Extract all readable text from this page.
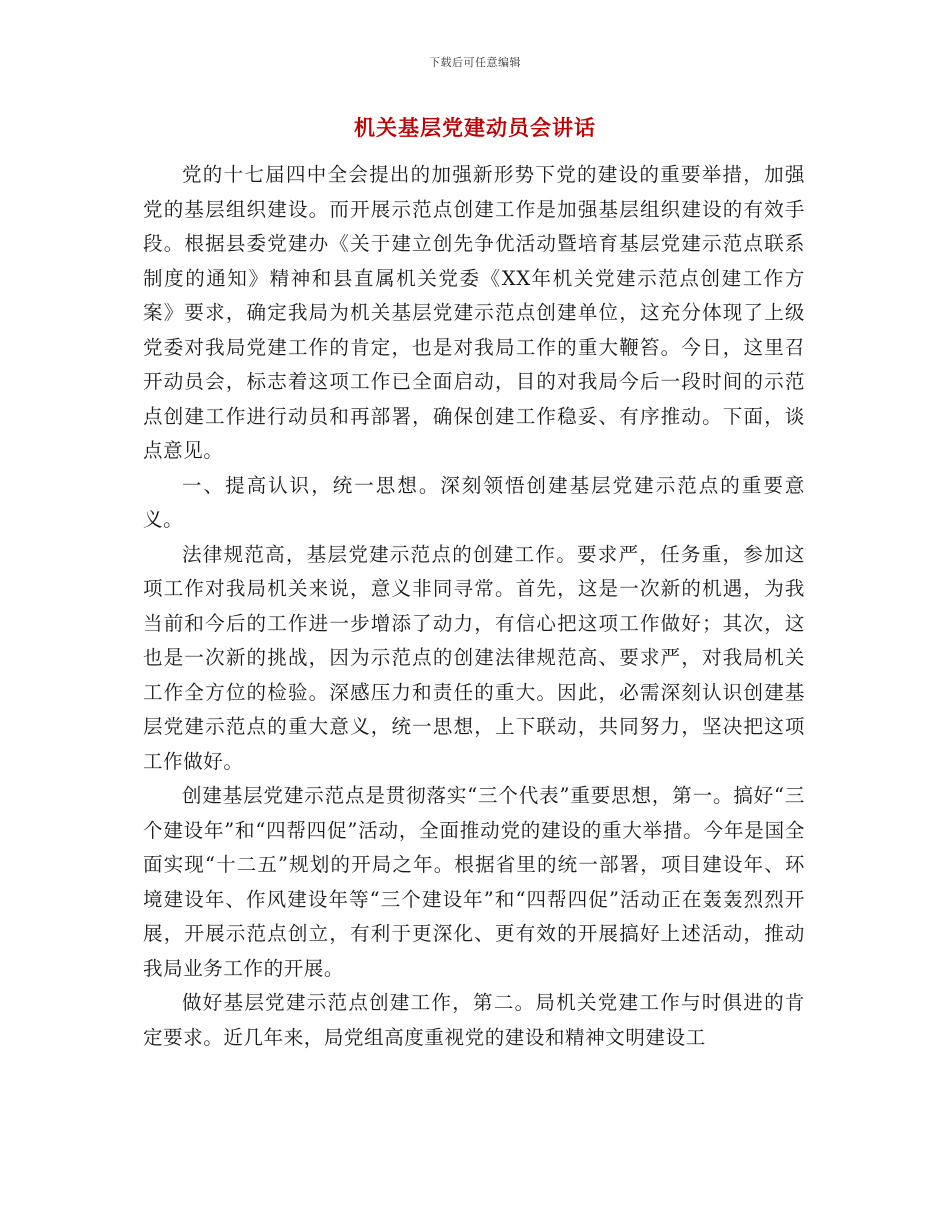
下载后可任意编辑
机关基层党建动员会讲话

党的十七届四中全会提出的加强新形势下党的建设的重要举措，加强党的基层组织建设。而开展示范点创建工作是加强基层组织建设的有效手段。根据县委党建办《关于建立创先争优活动暨培育基层党建示范点联系制度的通知》精神和县直属机关党委《XX年机关党建示范点创建工作方案》要求，确定我局为机关基层党建示范点创建单位，这充分体现了上级党委对我局党建工作的肯定，也是对我局工作的重大鞭笞。今日，这里召开动员会，标志着这项工作已全面启动，目的对我局今后一段时间的示范点创建工作进行动员和再部署，确保创建工作稳妥、有序推动。下面，谈点意见。

一、提高认识，统一思想。深刻领悟创建基层党建示范点的重要意义。

法律规范高，基层党建示范点的创建工作。要求严，任务重，参加这项工作对我局机关来说，意义非同寻常。首先，这是一次新的机遇，为我当前和今后的工作进一步增添了动力，有信心把这项工作做好；其次，这也是一次新的挑战，因为示范点的创建法律规范高、要求严，对我局机关工作全方位的检验。深感压力和责任的重大。因此，必需深刻认识创建基层党建示范点的重大意义，统一思想，上下联动，共同努力，坚决把这项工作做好。

创建基层党建示范点是贯彻落实“三个代表”重要思想，第一。搞好“三个建设年”和“四帮四促”活动，全面推动党的建设的重大举措。今年是国全面实现“十二五”规划的开局之年。根据省里的统一部署，项目建设年、环境建设年、作风建设年等“三个建设年”和“四帮四促”活动正在轰轰烈烈开展，开展示范点创立，有利于更深化、更有效的开展搞好上述活动，推动我局业务工作的开展。

做好基层党建示范点创建工作，第二。局机关党建工作与时俱进的肯定要求。近几年来，局党组高度重视党的建设和精神文明建设工
